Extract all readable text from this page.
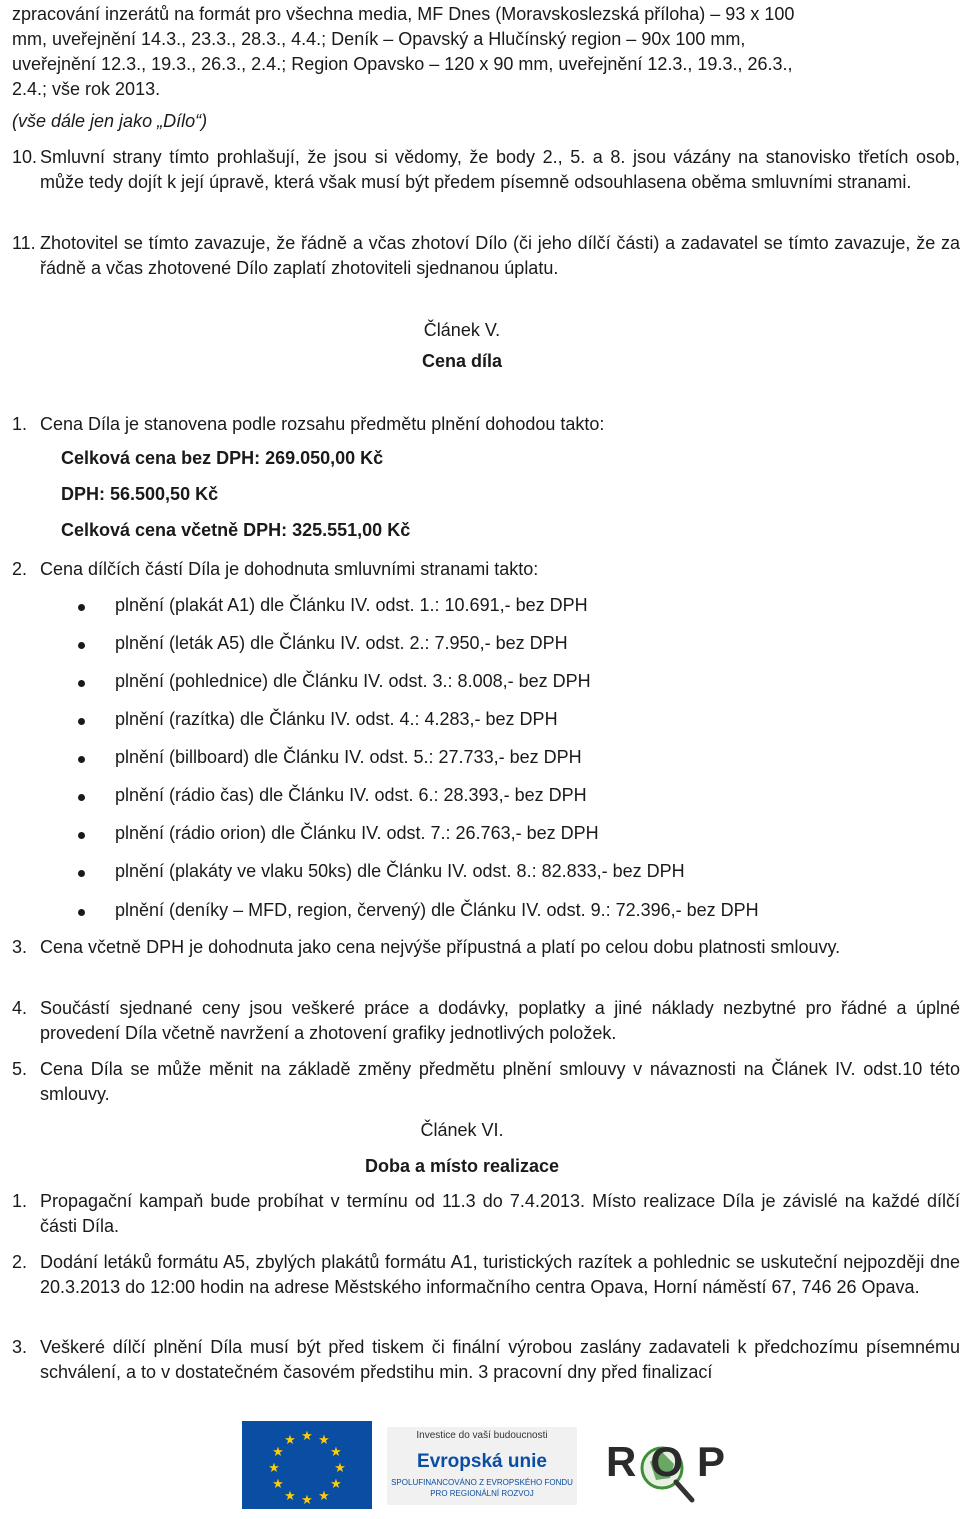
zpracování inzerátů na formát pro všechna media, MF Dnes (Moravskoslezská příloha) – 93 x 100
mm, uveřejnění 14.3., 23.3., 28.3., 4.4.; Deník – Opavský a Hlučínský region – 90x 100 mm,
uveřejnění 12.3., 19.3., 26.3., 2.4.; Region Opavsko – 120 x 90 mm, uveřejnění 12.3., 19.3., 26.3.,
2.4.; vše rok 2013.
(vše dále jen jako „Dílo“)
10. Smluvní strany tímto prohlašují, že jsou si vědomy, že body 2., 5. a 8. jsou vázány na stanovisko třetích osob, může tedy dojít k její úpravě, která však musí být předem písemně odsouhlasena oběma smluvními stranami.
11. Zhotovitel se tímto zavazuje, že řádně a včas zhotoví Dílo (či jeho dílčí části) a zadavatel se tímto zavazuje, že za řádně a včas zhotovené Dílo zaplatí zhotoviteli sjednanou úplatu.
Článek V.
Cena díla
1. Cena Díla je stanovena podle rozsahu předmětu plnění dohodou takto:
Celková cena bez DPH: 269.050,00 Kč
DPH: 56.500,50 Kč
Celková cena včetně DPH: 325.551,00 Kč
2. Cena dílčích částí Díla je dohodnuta smluvními stranami takto:
plnění (plakát A1) dle Článku IV. odst. 1.: 10.691,- bez DPH
plnění (leták A5) dle Článku IV. odst. 2.: 7.950,- bez DPH
plnění (pohlednice) dle Článku IV. odst. 3.: 8.008,- bez DPH
plnění (razítka) dle Článku IV. odst. 4.: 4.283,- bez DPH
plnění (billboard) dle Článku IV. odst. 5.: 27.733,- bez DPH
plnění (rádio čas) dle Článku IV. odst. 6.: 28.393,- bez DPH
plnění (rádio orion) dle Článku IV. odst. 7.: 26.763,- bez DPH
plnění (plakáty ve vlaku 50ks) dle Článku IV. odst. 8.: 82.833,- bez DPH
plnění (deníky – MFD, region, červený) dle Článku IV. odst. 9.: 72.396,- bez DPH
3. Cena včetně DPH je dohodnuta jako cena nejvýše přípustná a platí po celou dobu platnosti smlouvy.
4. Součástí sjednané ceny jsou veškeré práce a dodávky, poplatky a jiné náklady nezbytné pro řádné a úplné provedení Díla včetně navržení a zhotovení grafiky jednotlivých položek.
5. Cena Díla se může měnit na základě změny předmětu plnění smlouvy v návaznosti na Článek IV. odst.10 této smlouvy.
Článek VI.
Doba a místo realizace
1. Propagační kampaň bude probíhat v termínu od 11.3 do 7.4.2013. Místo realizace Díla je závislé na každé dílčí části Díla.
2. Dodání letáků formátu A5, zbylých plakátů formátu A1, turistických razítek a pohlednic se uskuteční nejpozději dne 20.3.2013 do 12:00 hodin na adrese Městského informačního centra Opava, Horní náměstí 67, 746 26 Opava.
3. Veškeré dílčí plnění Díla musí být před tiskem či finální výrobou zaslány zadavateli k předchozímu písemnému schválení, a to v dostatečném časovém předstihu min. 3 pracovní dny před finalizací
★ ★
★
★
★
★
★
★
★
★
★
★	Investice do vaší budoucnosti
Evropská unie
SPOLUFINANCOVÁNO Z EVROPSKÉHO FONDU
PRO REGIONÁLNÍ ROZVOJ
ROP
